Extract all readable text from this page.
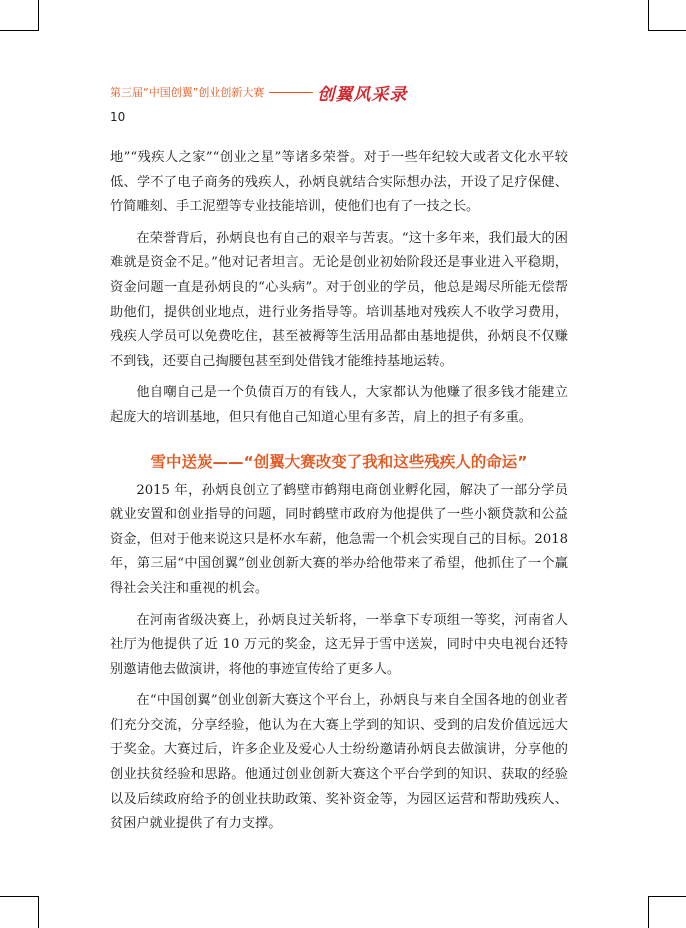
第三届“中国创翼”创业创新大赛	创翼风采录
10

地”“残疾人之家”“创业之星”等诸多荣誉。对于一些年纪较大或者文化水平较低、学不了电子商务的残疾人，孙炳良就结合实际想办法，开设了足疗保健、竹简雕刻、手工泥塑等专业技能培训，使他们也有了一技之长。

在荣誉背后，孙炳良也有自己的艰辛与苦衷。“这十多年来，我们最大的困难就是资金不足。”他对记者坦言。无论是创业初始阶段还是事业进入平稳期，资金问题一直是孙炳良的“心头病”。对于创业的学员，他总是竭尽所能无偿帮助他们，提供创业地点，进行业务指导等。培训基地对残疾人不收学习费用，残疾人学员可以免费吃住，甚至被褥等生活用品都由基地提供，孙炳良不仅赚不到钱，还要自己掏腰包甚至到处借钱才能维持基地运转。

他自嘲自己是一个负债百万的有钱人，大家都认为他赚了很多钱才能建立起庞大的培训基地，但只有他自己知道心里有多苦，肩上的担子有多重。

雪中送炭——“创翼大赛改变了我和这些残疾人的命运”

2015 年，孙炳良创立了鹤壁市鹤翔电商创业孵化园，解决了一部分学员就业安置和创业指导的问题，同时鹤壁市政府为他提供了一些小额贷款和公益资金，但对于他来说这只是杯水车薪，他急需一个机会实现自己的目标。2018 年，第三届“中国创翼”创业创新大赛的举办给他带来了希望，他抓住了一个赢得社会关注和重视的机会。

在河南省级决赛上，孙炳良过关斩将，一举拿下专项组一等奖，河南省人社厅为他提供了近 10 万元的奖金，这无异于雪中送炭，同时中央电视台还特别邀请他去做演讲，将他的事迹宣传给了更多人。

在“中国创翼”创业创新大赛这个平台上，孙炳良与来自全国各地的创业者们充分交流，分享经验，他认为在大赛上学到的知识、受到的启发价值远远大于奖金。大赛过后，许多企业及爱心人士纷纷邀请孙炳良去做演讲，分享他的创业扶贫经验和思路。他通过创业创新大赛这个平台学到的知识、获取的经验以及后续政府给予的创业扶助政策、奖补资金等，为园区运营和帮助残疾人、贫困户就业提供了有力支撑。
